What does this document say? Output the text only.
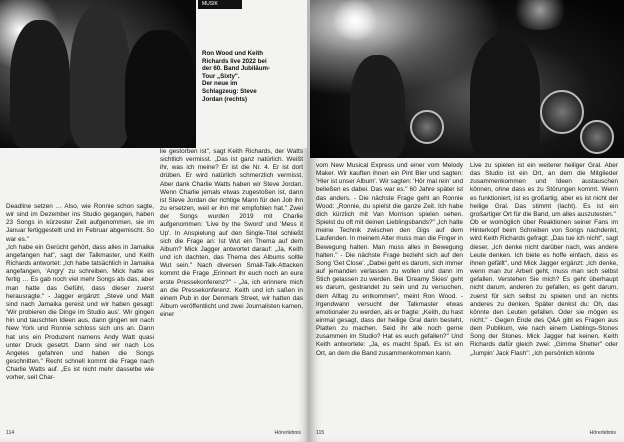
MUSIK
Ron Wood und Keith
Richards live 2022 bei
der 60. Band Jubiläum-
Tour „Sixty".
Der neue im
Schlagzeug: Steve
Jordan (rechts)
Deadline setzen … Also, wie Ronnie schon sagte, wir sind im Dezember ins Studio gegangen, haben 23 Songs in kürzester Zeit aufgenommen, sie im Januar fertiggestellt und im Februar abgemischt. So war es."
„Ich habe ein Gerücht gehört, dass alles in Jamaika angefangen hat", sagt der Talkmaster, und Keith Richards antwortet: „Ich habe tatsächlich in Jamaika angefangen, 'Angry' zu schreiben. Mick hatte es fertig … Es gab noch viel mehr Songs als das, aber man hatte das Gefühl, dass dieser zuerst herausragte." - Jagger ergänzt: „Steve und Matt sind nach Jamaika gereist und wir haben gesagt: 'Wir probieren die Dinge im Studio aus'. Wir gingen hin und tauschten Ideen aus, dann gingen wir nach New York und Ronnie schloss sich uns an. Dann hat uns ein Produzent namens Andy Watt quasi unter Druck gesetzt. Dann sind wir nach Los Angeles gefahren und haben die Songs geschnitten." Recht schnell kommt die Frage nach Charlie Watts auf. „Es ist nicht mehr dasselbe wie vorher, seit Char-
lie gestorben ist", sagt Keith Richards, der Watts sichtlich vermisst. „Das ist ganz natürlich. Weißt ihr, was ich meine? Er ist die Nr. 4. Er ist dort drüben. Er wird natürlich schmerzlich vermisst. Aber dank Charlie Watts haben wir Steve Jordan. Wenn Charlie jemals etwas zugestoßen ist, dann ist Steve Jordan der richtige Mann für den Job ihn zu ersetzen, weil er ihn mir empfohlen hat." Zwei der Songs wurden 2019 mit Charlie aufgenommen: 'Live by the Sword' und 'Mess it Up'. In Anspielung auf den Single-Titel schließt sich die Frage an: Ist Wut ein Thema auf dem Album? Mick Jagger antwortet darauf: „Ja, Keith und ich dachten, das Thema des Albums sollte Wut sein." Nach diversen Small-Talk-Attacken kommt die Frage „Erinnert ihr euch noch an eure erste Pressekonferenz?" - „Ja, ich erinnere mich an die Pressekonferenz. Keith und ich saßen in einem Pub in der Denmark Street, wir hatten das Album veröffentlicht und zwei Journalisten kamen, einer
114	Hörerlebnis
vom New Musical Express und einer vom Melody Maker. Wir kauften ihnen ein Pint Bier und sagten: 'Hier ist unser Album'. Wir sagten: 'Hör mal rein' und beließen es dabei. Das war es." 60 Jahre später ist das anders. - Die nächste Frage geht an Ronnie Wood: „Ronnie, du spielst die ganze Zeit. Ich habe dich kürzlich mit Van Morrison spielen sehen. Spielst du oft mit deinen Lieblingsbands?" „Ich halte meine Technik zwischen den Gigs auf dem Laufenden. In meinem Alter muss man die Finger in Bewegung halten. Man muss alles in Bewegung halten." - Die nächste Frage bezieht sich auf den Song 'Get Close'. „Dabei geht es darum, sich immer auf jemanden verlassen zu wollen und dann im Stich gelassen zu werden. Bei 'Dreamy Skies' geht es darum, gestrandet zu sein und zu versuchen, dem Alltag zu entkommen", meint Ron Wood. - Irgendwann versucht der Talkmaster etwas emotionaler zu werden, als er fragte: „Keith, du hast einmal gesagt, dass der heilige Gral darin besteht, Platten zu machen. Seid ihr alle noch gerne zusammen im Studio? Hat es euch gefallen?" Und Keith antwortete: „Ja, es macht Spaß. Es ist ein Ort, an dem die Band zusammenkommen kann.
Live zu spielen ist ein weiterer heiliger Gral. Aber das Studio ist ein Ort, an dem die Mitglieder zusammenkommen und Ideen austauschen können, ohne dass es zu Störungen kommt. Wenn es funktioniert, ist es großartig, aber es ist nicht der heilige Gral. Das stimmt (lacht). Es ist ein großartiger Ort für die Band, um alles auszutesten."
Ob er womöglich über Reaktionen seiner Fans im Hinterkopf beim Schreiben von Songs nachdenkt, wird Keith Richards gefragt: „Das tue ich nicht", sagt dieser, „Ich denke nicht darüber nach, was andere Leute denken. Ich biete es hoffe einfach, dass es ihnen gefällt", und Mick Jagger ergänzt: „Ich denke, wenn man zur Arbeit geht, muss man sich selbst gefallen. Verstehen Sie mich? Es geht überhaupt nicht darum, anderen zu gefallen, es geht darum, zuerst für sich selbst zu spielen und an nichts anderes zu denken. Später denkst du: Oh, das könnte den Leuten gefallen. Oder sie mögen es nicht." - Gegen Ende des Q&A gibt es Fragen aus dem Publikum, wie nach einem Lieblings-Stones Song der Stones. Mick Jagger hat keinen. Keith Richards dafür gleich zwei: „Gimme Shelter" oder „Jumpin' Jack Flash": „Ich persönlich könnte
115	Hörerlebnis
